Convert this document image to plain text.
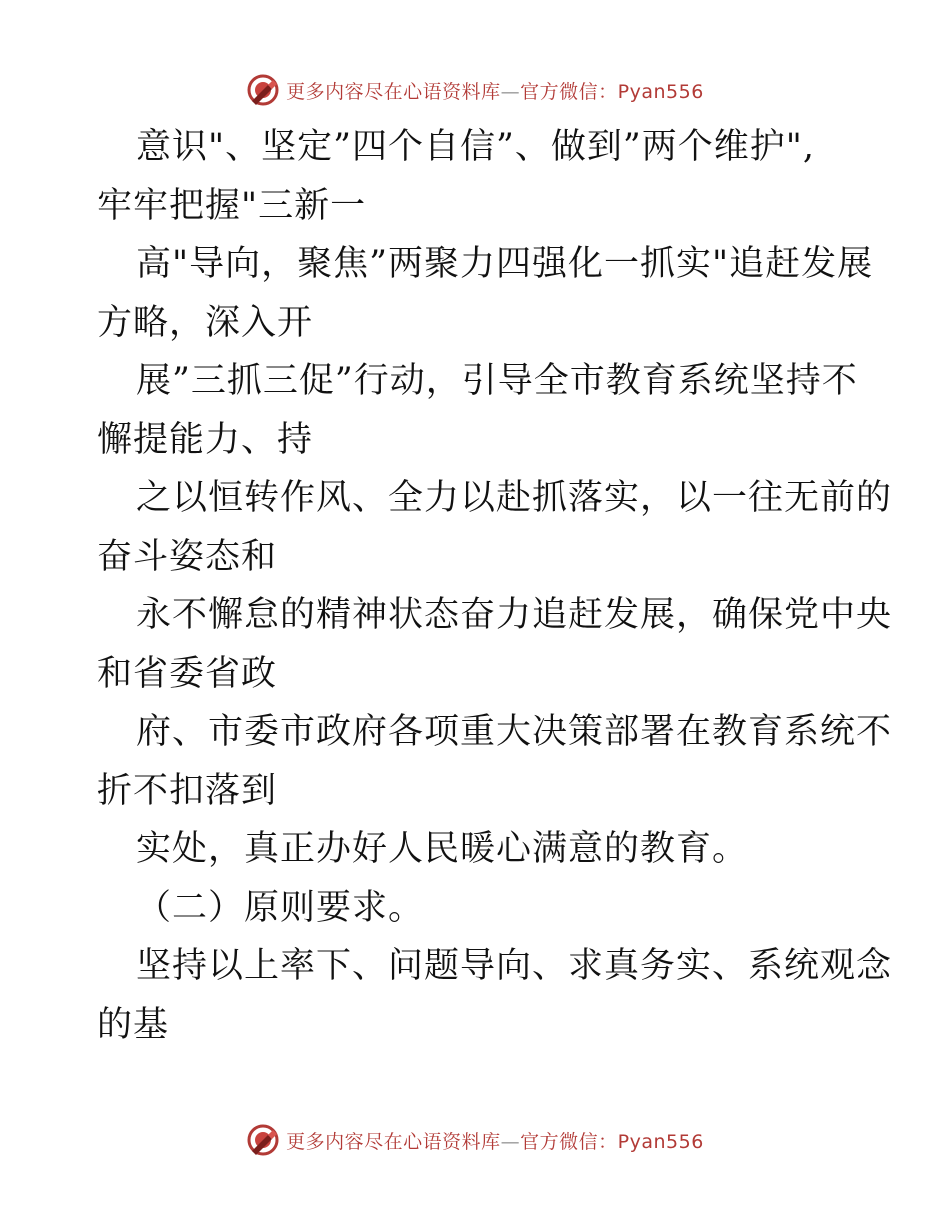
更多内容尽在心语资料库—官方微信：Pyan556
意识"、坚定”四个自信”、做到”两个维护",
牢牢把握"三新一
高"导向，聚焦”两聚力四强化一抓实"追赶发展
方略，深入开
展”三抓三促”行动，引导全市教育系统坚持不
懈提能力、持
之以恒转作风、全力以赴抓落实，以一往无前的
奋斗姿态和
永不懈怠的精神状态奋力追赶发展，确保党中央
和省委省政
府、市委市政府各项重大决策部署在教育系统不
折不扣落到
实处，真正办好人民暖心满意的教育。
（二）原则要求。
坚持以上率下、问题导向、求真务实、系统观念
的基
更多内容尽在心语资料库—官方微信：Pyan556
